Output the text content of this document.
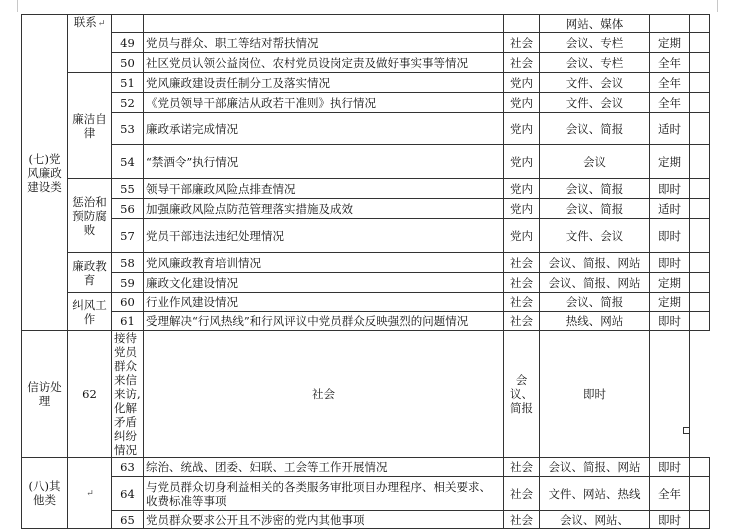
(七)党风廉政建设类	联系↵				网站、媒体		
		49	党员与群众、职工等结对帮扶情况	社会	会议、专栏	定期	
		50	社区党员认领公益岗位、农村党员设岗定责及做好事实事等情况	社会	会议、专栏	全年	
	廉洁自律	51	党风廉政建设责任制分工及落实情况	党内	文件、会议	全年	
		52	《党员领导干部廉洁从政若干准则》执行情况	党内	文件、会议	全年	
		53	廉政承诺完成情况	党内	会议、简报	适时	
		54	“禁酒令”执行情况	党内	会议	定期	
	惩治和预防腐败	55	领导干部廉政风险点排查情况	党内	会议、简报	即时	
		56	加强廉政风险点防范管理落实措施及成效	党内	会议、简报	适时	
		57	党员干部违法违纪处理情况	党内	文件、会议	即时	
	廉政教育	58	党风廉政教育培训情况	社会	会议、简报、网站	即时	
		59	廉政文化建设情况	社会	会议、简报、网站	定期	
	纠风工作	60	行业作风建设情况	社会	会议、简报	定期	
		61	受理解决“行风热线”和行风评议中党员群众反映强烈的问题情况	社会	热线、网站	即时	
信访处理	62	接待党员群众来信来访,化解矛盾纠纷情况	社会	会议、简报	即时		
(八)其他类	↵	63	综治、统战、团委、妇联、工会等工作开展情况	社会	会议、简报、网站	即时	
		64	与党员群众切身利益相关的各类服务审批项目办理程序、相关要求、收费标准等事项	社会	文件、网站、热线	全年	
		65	党员群众要求公开且不涉密的党内其他事项	社会	会议、网站、	即时	
